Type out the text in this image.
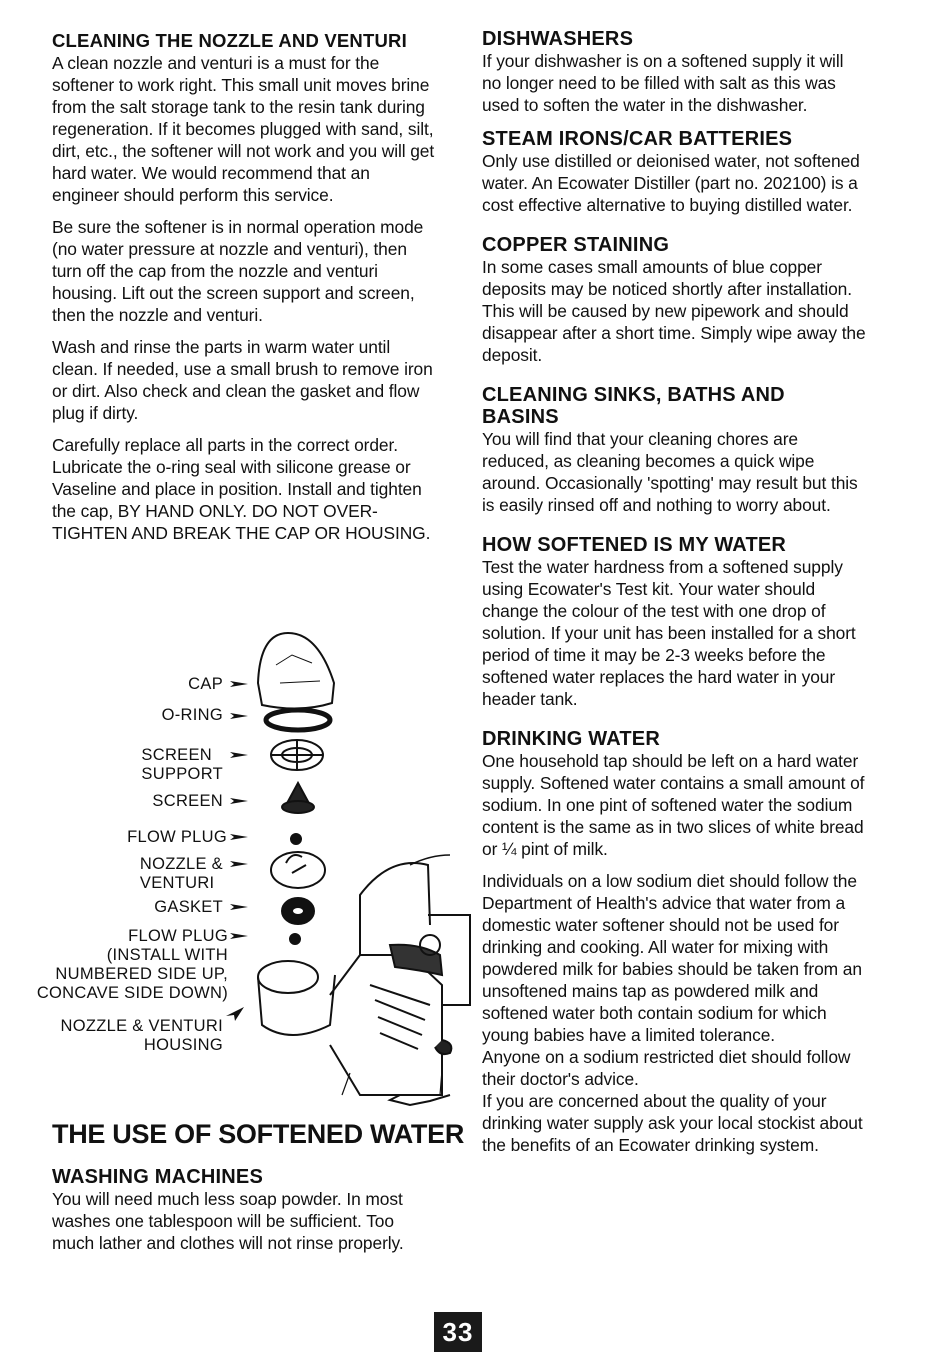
CLEANING THE NOZZLE AND VENTURI

A clean nozzle and venturi is a must for the softener to work right. This small unit moves brine from the salt storage tank to the resin tank during regeneration. If it becomes plugged with sand, silt, dirt, etc., the softener will not work and you will get hard water. We would recommend that an engineer should perform this service.

Be sure the softener is in normal operation mode (no water pressure at nozzle and venturi), then turn off the cap from the nozzle and venturi housing. Lift out the screen support and screen, then the nozzle and venturi.

Wash and rinse the parts in warm water until clean. If needed, use a small brush to remove iron or dirt. Also check and clean the gasket and flow plug if dirty.

Carefully replace all parts in the correct order. Lubricate the o-ring seal with silicone grease or Vaseline and place in position. Install and tighten the cap, BY HAND ONLY. DO NOT OVER-TIGHTEN AND BREAK THE CAP OR HOUSING.

CAP
O-RING
SCREEN
SUPPORT
SCREEN
FLOW PLUG
NOZZLE &
VENTURI
GASKET
FLOW PLUG
(INSTALL WITH
NUMBERED SIDE UP,
CONCAVE SIDE DOWN)
NOZZLE & VENTURI
HOUSING
THE USE OF SOFTENED WATER
WASHING MACHINES

You will need much less soap powder. In most washes one tablespoon will be sufficient. Too much lather and clothes will not rinse properly.

DISHWASHERS

If your dishwasher is on a softened supply it will no longer need to be filled with salt as this was used to soften the water in the dishwasher.

STEAM IRONS/CAR BATTERIES

Only use distilled or deionised water, not softened water. An Ecowater Distiller (part no. 202100) is a cost effective alternative to buying distilled water.

COPPER STAINING

In some cases small amounts of blue copper deposits may be noticed shortly after installation. This will be caused by new pipework and should disappear after a short time. Simply wipe away the deposit.

CLEANING SINKS, BATHS AND BASINS

You will find that your cleaning chores are reduced, as cleaning becomes a quick wipe around. Occasionally 'spotting' may result but this is easily rinsed off and nothing to worry about.

HOW SOFTENED IS MY WATER

Test the water hardness from a softened supply using Ecowater's Test kit. Your water should change the colour of the test with one drop of solution. If your unit has been installed for a short period of time it may be 2-3 weeks before the softened water replaces the hard water in your header tank.

DRINKING WATER

One household tap should be left on a hard water supply. Softened water contains a small amount of sodium. In one pint of softened water the sodium content is the same as in two slices of white bread or ¼ pint of milk.

Individuals on a low sodium diet should follow the Department of Health's advice that water from a domestic water softener should not be used for drinking and cooking. All water for mixing with powdered milk for babies should be taken from an unsoftened mains tap as powdered milk and softened water both contain sodium for which young babies have a limited tolerance.

Anyone on a sodium restricted diet should follow their doctor's advice.

If you are concerned about the quality of your drinking water supply ask your local stockist about the benefits of an Ecowater drinking system.

33
